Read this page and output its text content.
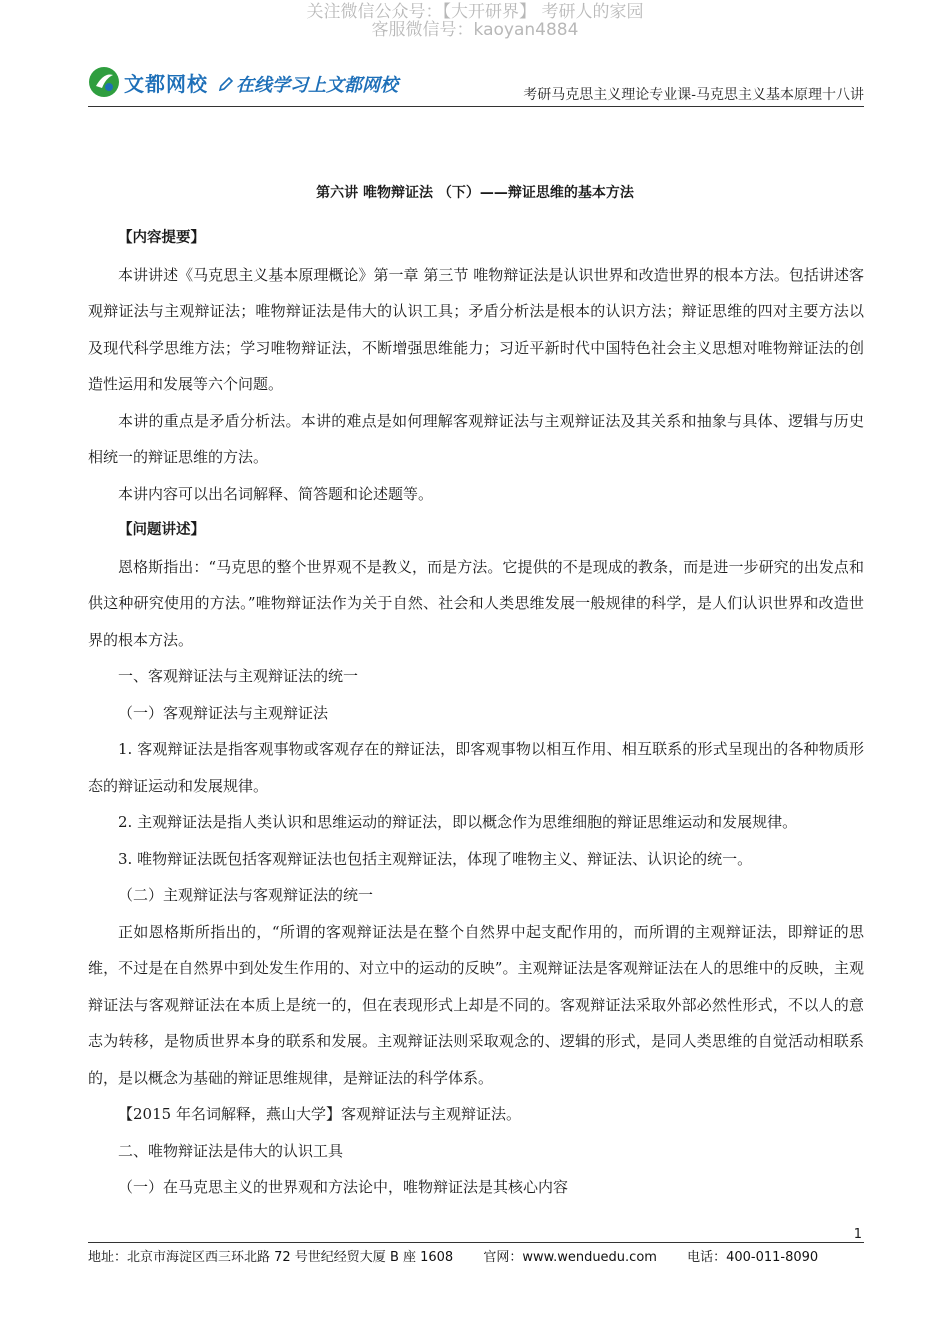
关注微信公众号：【大开研界】 考研人的家园
客服微信号：kaoyan4884
文都网校 在线学习上文都网校	考研马克思主义理论专业课-马克思主义基本原理十八讲
第六讲 唯物辩证法 （下）——辩证思维的基本方法

【内容提要】

本讲讲述《马克思主义基本原理概论》第一章 第三节 唯物辩证法是认识世界和改造世界的根本方法。包括讲述客观辩证法与主观辩证法；唯物辩证法是伟大的认识工具；矛盾分析法是根本的认识方法；辩证思维的四对主要方法以及现代科学思维方法；学习唯物辩证法，不断增强思维能力；习近平新时代中国特色社会主义思想对唯物辩证法的创造性运用和发展等六个问题。

本讲的重点是矛盾分析法。本讲的难点是如何理解客观辩证法与主观辩证法及其关系和抽象与具体、逻辑与历史相统一的辩证思维的方法。

本讲内容可以出名词解释、简答题和论述题等。

【问题讲述】

恩格斯指出：“马克思的整个世界观不是教义，而是方法。它提供的不是现成的教条，而是进一步研究的出发点和供这种研究使用的方法。”唯物辩证法作为关于自然、社会和人类思维发展一般规律的科学，是人们认识世界和改造世界的根本方法。

一、客观辩证法与主观辩证法的统一

（一）客观辩证法与主观辩证法

1. 客观辩证法是指客观事物或客观存在的辩证法，即客观事物以相互作用、相互联系的形式呈现出的各种物质形态的辩证运动和发展规律。

2. 主观辩证法是指人类认识和思维运动的辩证法，即以概念作为思维细胞的辩证思维运动和发展规律。

3. 唯物辩证法既包括客观辩证法也包括主观辩证法，体现了唯物主义、辩证法、认识论的统一。

（二）主观辩证法与客观辩证法的统一

正如恩格斯所指出的，“所谓的客观辩证法是在整个自然界中起支配作用的，而所谓的主观辩证法，即辩证的思维，不过是在自然界中到处发生作用的、对立中的运动的反映”。主观辩证法是客观辩证法在人的思维中的反映，主观辩证法与客观辩证法在本质上是统一的，但在表现形式上却是不同的。客观辩证法采取外部必然性形式，不以人的意志为转移，是物质世界本身的联系和发展。主观辩证法则采取观念的、逻辑的形式，是同人类思维的自觉活动相联系的，是以概念为基础的辩证思维规律，是辩证法的科学体系。

【2015 年名词解释，燕山大学】客观辩证法与主观辩证法。

二、唯物辩证法是伟大的认识工具

（一）在马克思主义的世界观和方法论中，唯物辩证法是其核心内容

1
地址：北京市海淀区西三环北路 72 号世纪经贸大厦 B 座 1608 官网：www.wenduedu.com 电话：400-011-8090
